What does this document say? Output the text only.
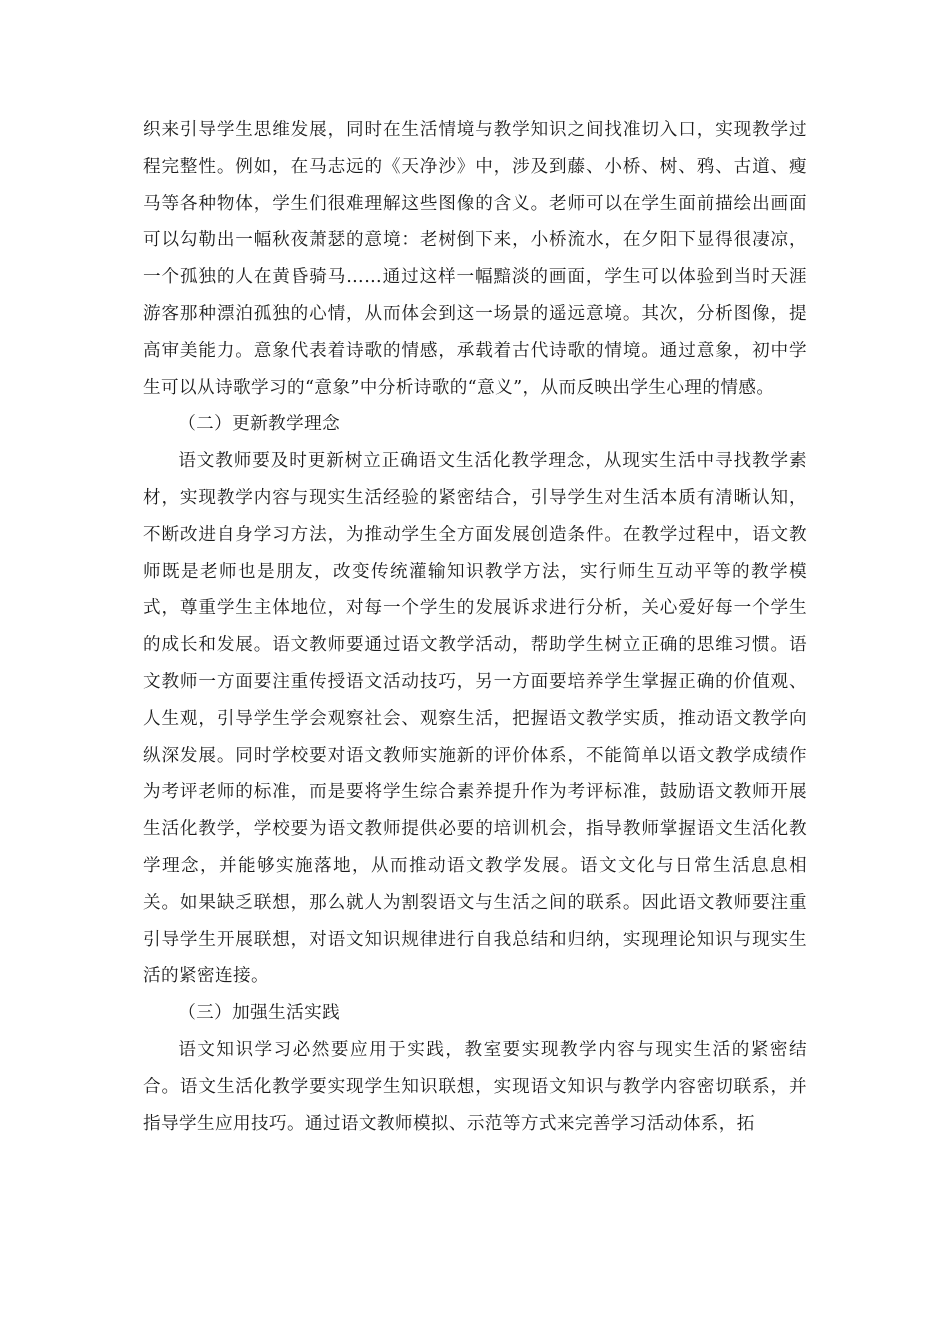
织来引导学生思维发展，同时在生活情境与教学知识之间找准切入口，实现教学过程完整性。例如，在马志远的《天净沙》中，涉及到藤、小桥、树、鸦、古道、瘦马等各种物体，学生们很难理解这些图像的含义。老师可以在学生面前描绘出画面可以勾勒出一幅秋夜萧瑟的意境：老树倒下来，小桥流水，在夕阳下显得很凄凉，一个孤独的人在黄昏骑马……通过这样一幅黯淡的画面，学生可以体验到当时天涯游客那种漂泊孤独的心情，从而体会到这一场景的遥远意境。其次，分析图像，提高审美能力。意象代表着诗歌的情感，承载着古代诗歌的情境。通过意象，初中学生可以从诗歌学习的“意象”中分析诗歌的“意义”，从而反映出学生心理的情感。

（二）更新教学理念

语文教师要及时更新树立正确语文生活化教学理念，从现实生活中寻找教学素材，实现教学内容与现实生活经验的紧密结合，引导学生对生活本质有清晰认知，不断改进自身学习方法，为推动学生全方面发展创造条件。在教学过程中，语文教师既是老师也是朋友，改变传统灌输知识教学方法，实行师生互动平等的教学模式，尊重学生主体地位，对每一个学生的发展诉求进行分析，关心爱好每一个学生的成长和发展。语文教师要通过语文教学活动，帮助学生树立正确的思维习惯。语文教师一方面要注重传授语文活动技巧，另一方面要培养学生掌握正确的价值观、人生观，引导学生学会观察社会、观察生活，把握语文教学实质，推动语文教学向纵深发展。同时学校要对语文教师实施新的评价体系，不能简单以语文教学成绩作为考评老师的标准，而是要将学生综合素养提升作为考评标准，鼓励语文教师开展生活化教学，学校要为语文教师提供必要的培训机会，指导教师掌握语文生活化教学理念，并能够实施落地，从而推动语文教学发展。语文文化与日常生活息息相关。如果缺乏联想，那么就人为割裂语文与生活之间的联系。因此语文教师要注重引导学生开展联想，对语文知识规律进行自我总结和归纳，实现理论知识与现实生活的紧密连接。

（三）加强生活实践

语文知识学习必然要应用于实践，教室要实现教学内容与现实生活的紧密结合。语文生活化教学要实现学生知识联想，实现语文知识与教学内容密切联系，并指导学生应用技巧。通过语文教师模拟、示范等方式来完善学习活动体系，拓
